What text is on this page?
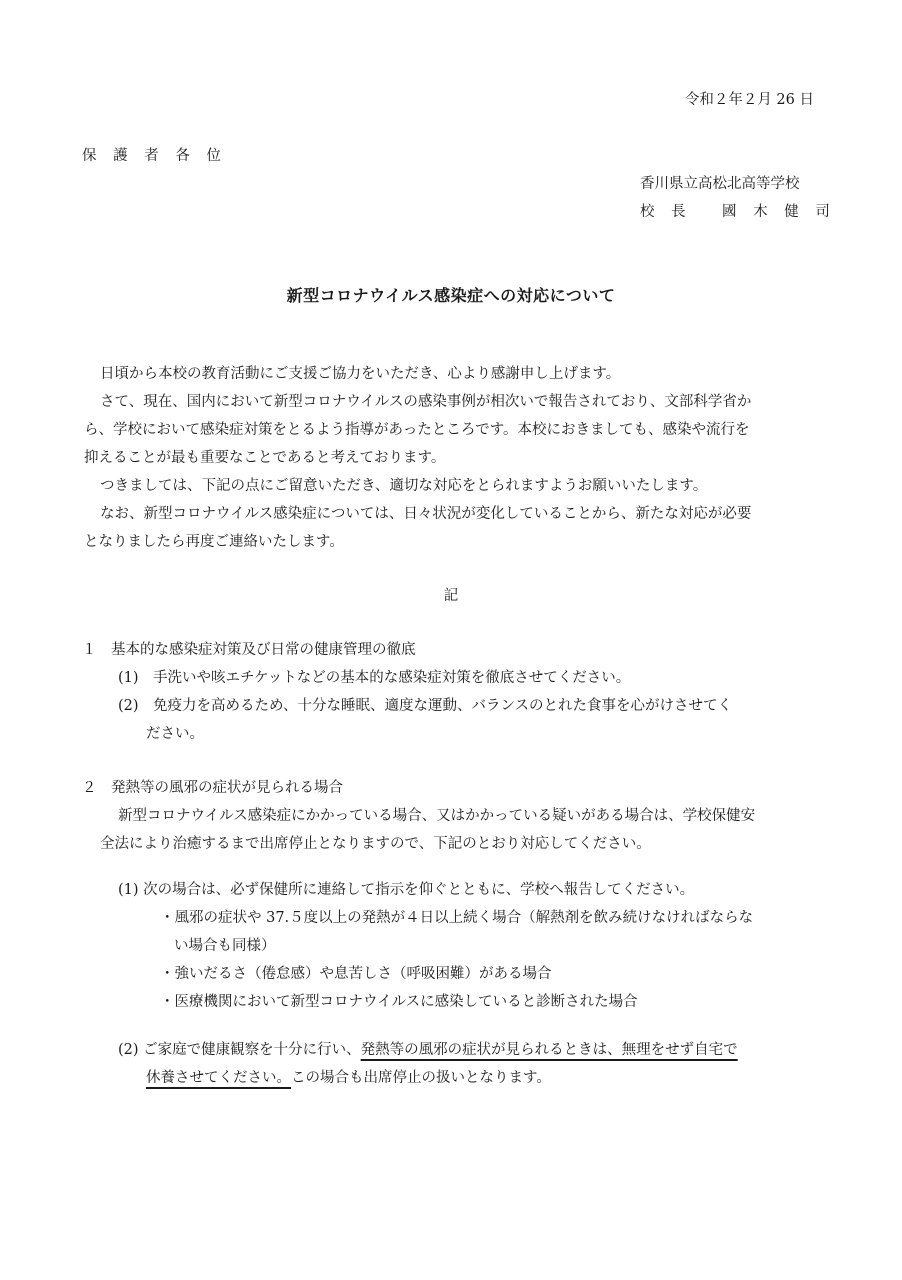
令和２年２月 26 日
保 護 者 各 位
香川県立高松北高等学校
校 長 國 木 健 司
新型コロナウイルス感染症への対応について
日頃から本校の教育活動にご支援ご協力をいただき、心より感謝申し上げます。
さて、現在、国内において新型コロナウイルスの感染事例が相次いで報告されており、文部科学省か
ら、学校において感染症対策をとるよう指導があったところです。本校におきましても、感染や流行を
抑えることが最も重要なことであると考えております。
つきましては、下記の点にご留意いただき、適切な対応をとられますようお願いいたします。
なお、新型コロナウイルス感染症については、日々状況が変化していることから、新たな対応が必要
となりましたら再度ご連絡いたします。
記
１　基本的な感染症対策及び日常の健康管理の徹底
(1)　手洗いや咳エチケットなどの基本的な感染症対策を徹底させてください。
(2)　免疫力を高めるため、十分な睡眠、適度な運動、バランスのとれた食事を心がけさせてく
ださい。
２　発熱等の風邪の症状が見られる場合
新型コロナウイルス感染症にかかっている場合、又はかかっている疑いがある場合は、学校保健安
全法により治癒するまで出席停止となりますので、下記のとおり対応してください。
(1) 次の場合は、必ず保健所に連絡して指示を仰ぐとともに、学校へ報告してください。
・風邪の症状や 37.５度以上の発熱が４日以上続く場合（解熱剤を飲み続けなければならな
い場合も同様）
・強いだるさ（倦怠感）や息苦しさ（呼吸困難）がある場合
・医療機関において新型コロナウイルスに感染していると診断された場合
(2) ご家庭で健康観察を十分に行い、発熱等の風邪の症状が見られるときは、無理をせず自宅で
休養させてください。この場合も出席停止の扱いとなります。
